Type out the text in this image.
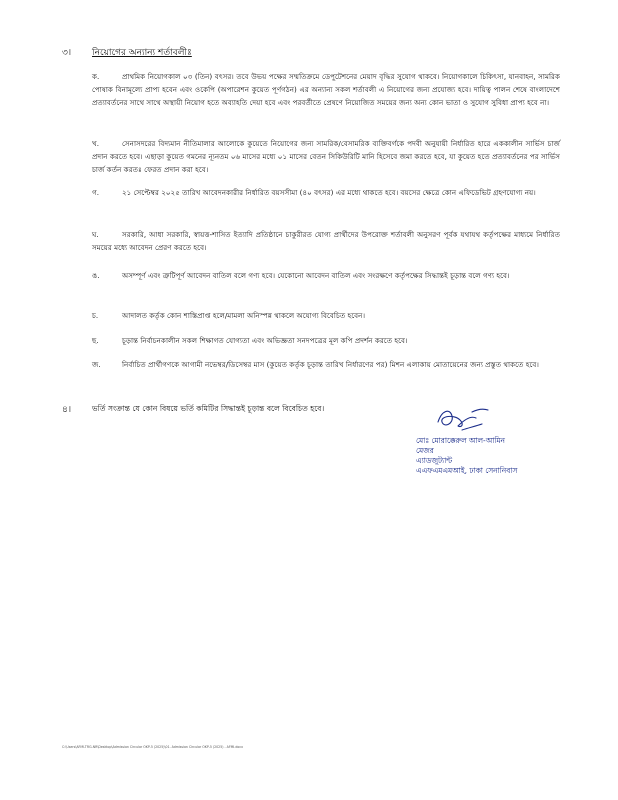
৩। নিয়োগের অন্যান্য শর্তাবলীঃ
ক.	প্রাথমিক নিয়োগকাল ০৩ (তিন) বৎসর। তবে উভয় পক্ষের সম্মতিক্রমে ডেপুটেশনের মেয়াদ বৃদ্ধির সুযোগ থাকবে। নিয়োগকালে চিকিৎসা, যানবাহন, সামরিক পোষাক বিনামূল্যে প্রাপ্য হবেন এবং ওকেপি (অপারেশন কুয়েত পূর্ণগঠন) এর অন্যান্য সকল শর্তাবলী এ নিয়োগের জন্য প্রযোজ্য হবে। দায়িত্ব পালন শেষে বাংলাদেশে প্রত্যাবর্তনের সাথে সাথে অস্থায়ী নিয়োগ হতে অব্যাহতি দেয়া হবে এবং পরবর্তীতে প্রেষণে নিয়োজিত সময়ের জন্য অন্য কোন ভাতা ও সুযোগ সুবিধা প্রাপ্য হবে না।
খ.	সেনাসদরের বিদ্যমান নীতিমালার আলোকে কুয়েতে নিয়োগের জন্য সামরিক/বেসামরিক ব্যক্তিবর্গকে পদবী অনুযায়ী নির্ধারিত হারে এককালীন সার্ভিস চার্জ প্রদান করতে হবে। এছাড়া কুয়েত গমনের ন্যূনতম ০৬ মাসের মধ্যে ০১ মাসের বেতন সিকিউরিটি মানি হিসেবে জমা করতে হবে, যা কুয়েত হতে প্রত্যাবর্তনের পর সার্ভিস চার্জ কর্তন করতঃ ফেরত প্রদান করা হবে।
গ.	২১ সেপ্টেম্বর ২০২৫ তারিখ আবেদনকারীর নির্ধারিত বয়সসীমা (৪০ বৎসর) এর মধ্যে থাকতে হবে। বয়সের ক্ষেত্রে কোন এফিডেভিট গ্রহণযোগ্য নয়।
ঘ.	সরকারি, আধা সরকারি, স্বায়ত্ত-শাসিত ইত্যাদি প্রতিষ্ঠানে চাকুরীরত যোগ্য প্রার্থীদের উপরোক্ত শর্তাবলী অনুসরণ পূর্বক যথাযথ কর্তৃপক্ষের মাধ্যমে নির্ধারিত সময়ের মধ্যে আবেদন প্রেরণ করতে হবে।
ঙ.	অসম্পূর্ণ এবং ত্রুটিপূর্ণ আবেদন বাতিল বলে গণ্য হবে। যেকোনো আবেদন বাতিল এবং সংরক্ষণে কর্তৃপক্ষের সিদ্ধান্তই চূড়ান্ত বলে গণ্য হবে।
চ.	আদালত কর্তৃক কোন শাস্তিপ্রাপ্ত হলে/মামলা অনিস্পন্ন থাকলে অযোগ্য বিবেচিত হবেন।
ছ.	চূড়ান্ত নির্বাচনকালীন সকল শিক্ষাগত যোগ্যতা এবং অভিজ্ঞতা সনদপত্রের মূল কপি প্রদর্শন করতে হবে।
জ.	নির্বাচিত প্রার্থীগণকে আগামী নভেম্বর/ডিসেম্বর মাস (কুয়েত কর্তৃক চূড়ান্ত তারিখ নির্ধারণের পর) মিশন এলাকায় মোতায়েনের জন্য প্রস্তুত থাকতে হবে।
৪।	ভর্তি সংক্রান্ত যে কোন বিষয়ে ভর্তি কমিটির সিদ্ধান্তই চূড়ান্ত বলে বিবেচিত হবে।
মোঃ মোরাক্কেরুল আল-আমিন
মেজর
এ্যাডজুট্যান্ট
এএফএমএমআই, ঢাকা সেনানিবাস
C:\Users\AFMI-TRG-NR\Desktop\Admission Circular OKP-5 (2025)\01. Admission Circular OKP-5 (2025) - AFMI.docx
